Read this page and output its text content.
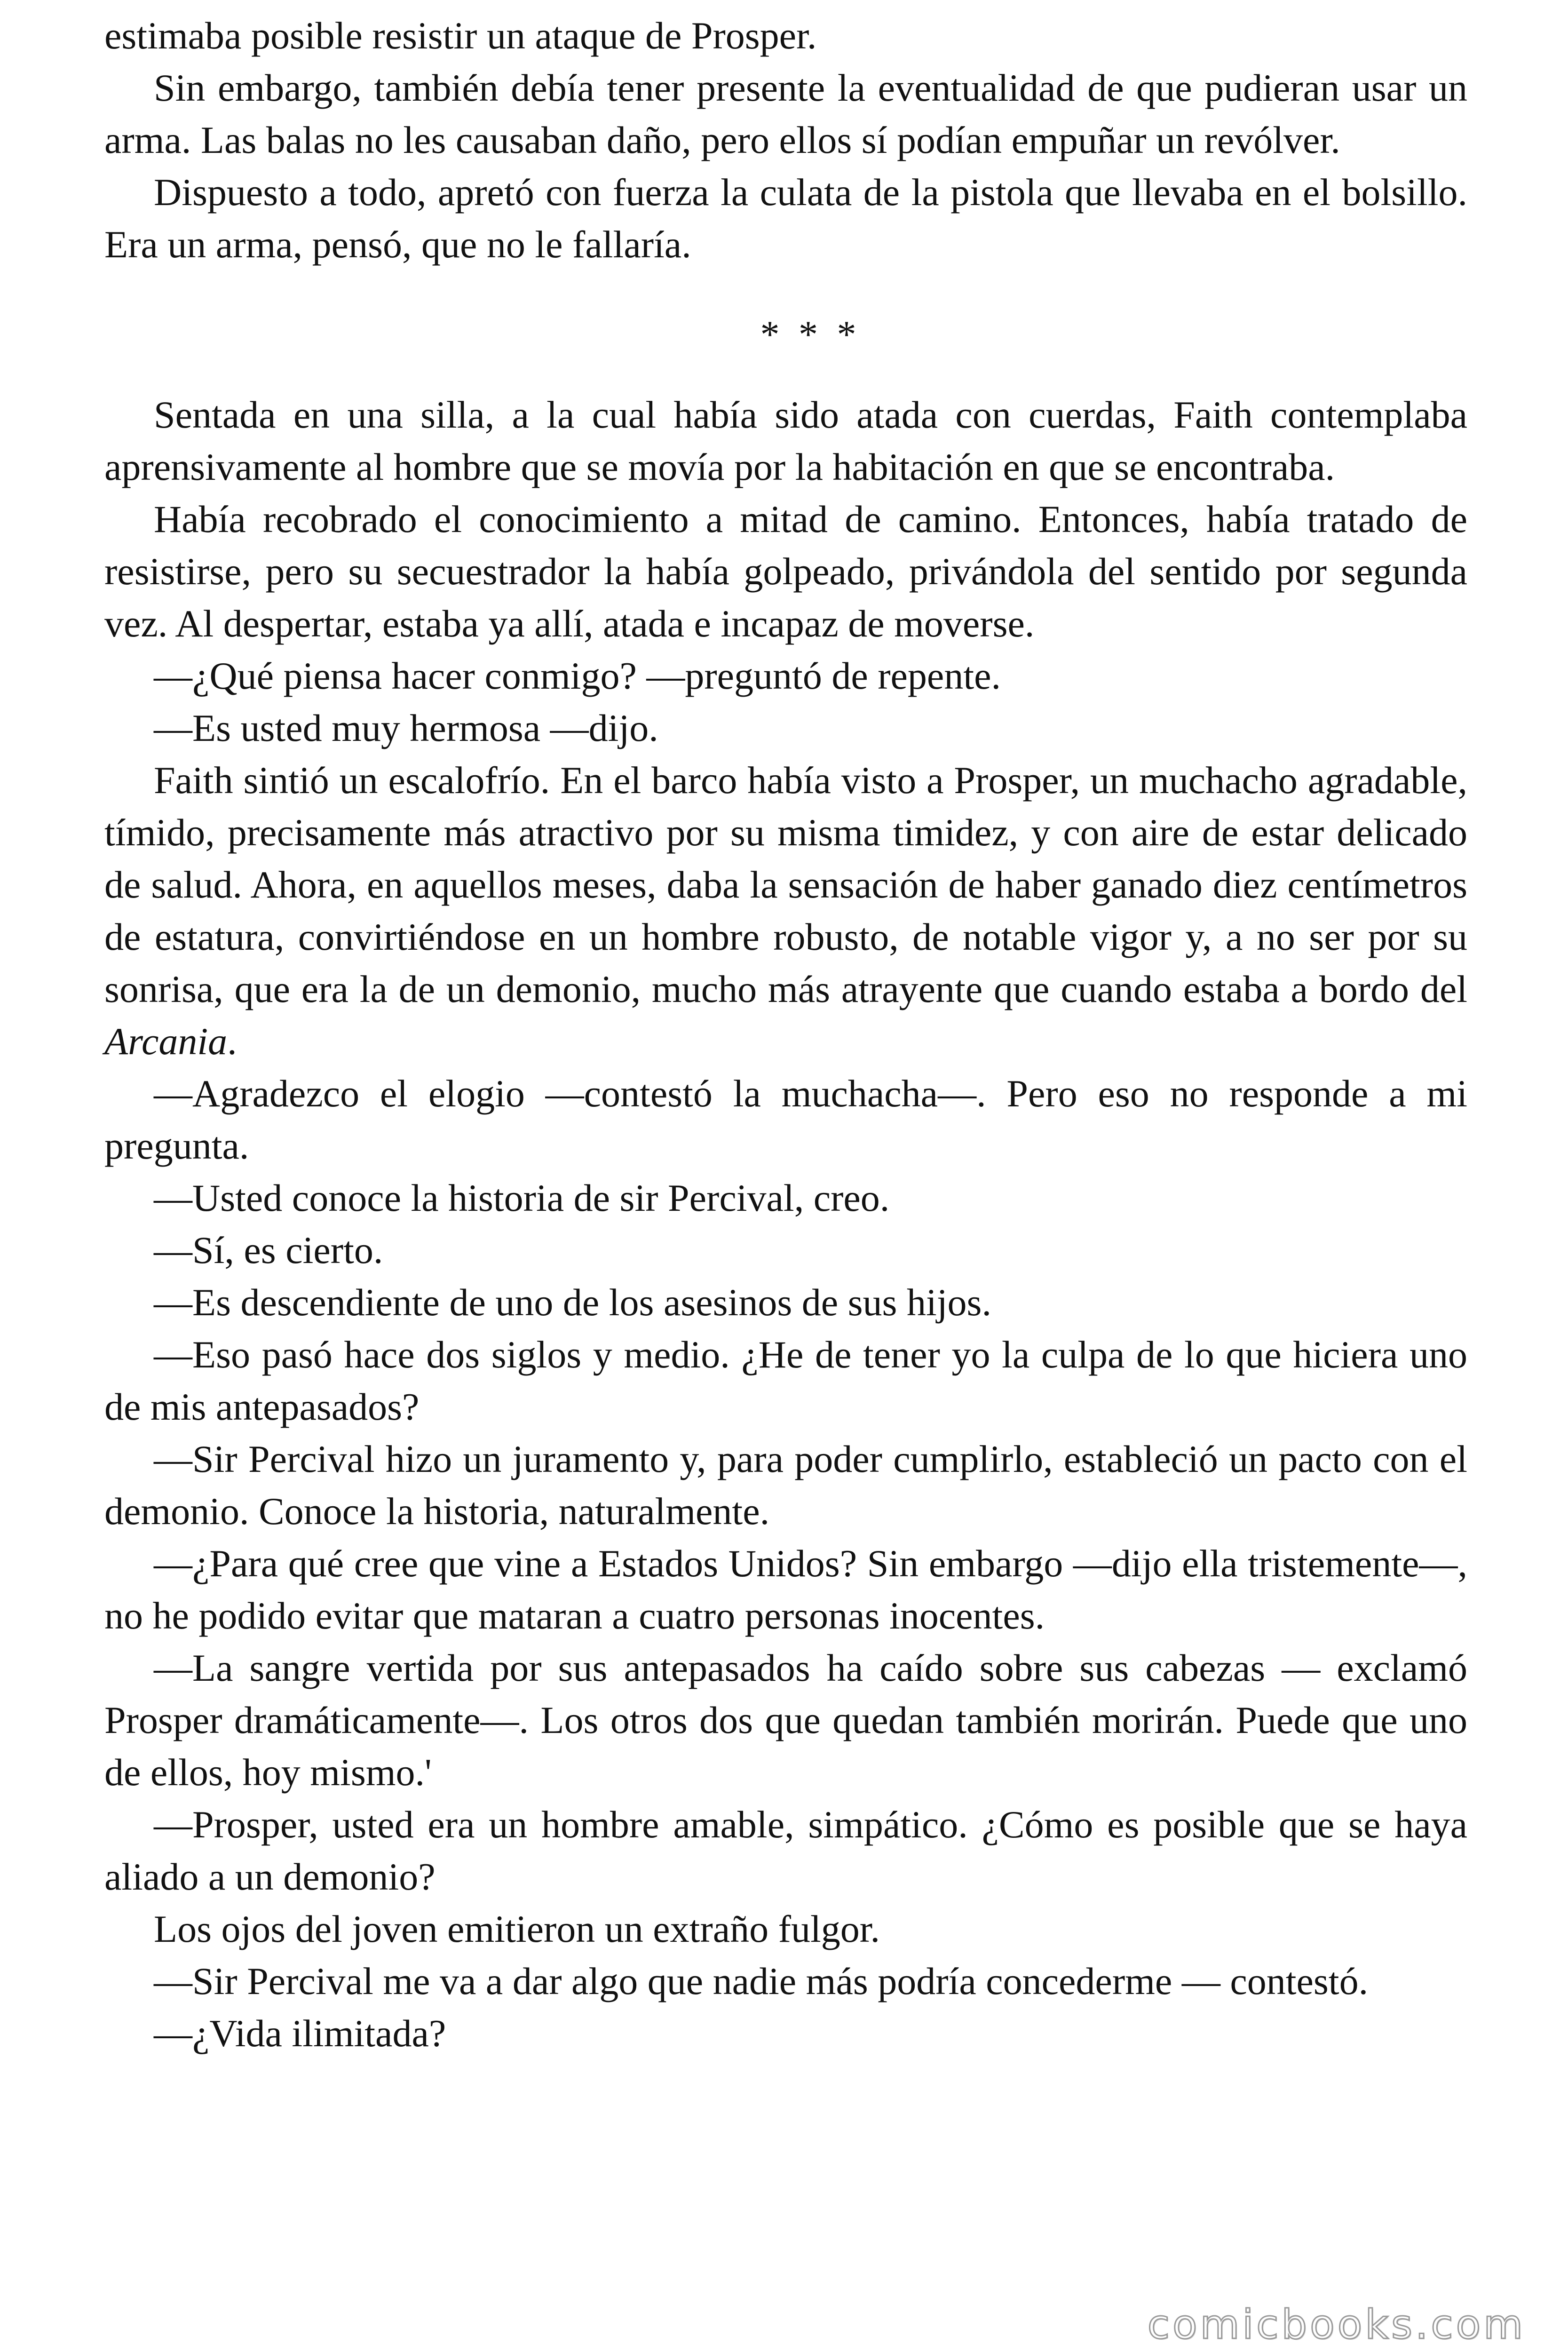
estimaba posible resistir un ataque de Prosper.

Sin embargo, también debía tener presente la eventualidad de que pudieran usar un arma. Las balas no les causaban daño, pero ellos sí podían empuñar un revólver.

Dispuesto a todo, apretó con fuerza la culata de la pistola que llevaba en el bolsillo. Era un arma, pensó, que no le fallaría.

* * *

Sentada en una silla, a la cual había sido atada con cuerdas, Faith contemplaba aprensivamente al hombre que se movía por la habitación en que se encontraba.

Había recobrado el conocimiento a mitad de camino. Entonces, había tratado de resistirse, pero su secuestrador la había golpeado, privándola del sentido por segunda vez. Al despertar, estaba ya allí, atada e incapaz de moverse.

—¿Qué piensa hacer conmigo? —preguntó de repente.

—Es usted muy hermosa —dijo.

Faith sintió un escalofrío. En el barco había visto a Prosper, un muchacho agradable, tímido, precisamente más atractivo por su misma timidez, y con aire de estar delicado de salud. Ahora, en aquellos meses, daba la sensación de haber ganado diez centímetros de estatura, convirtiéndose en un hombre robusto, de notable vigor y, a no ser por su sonrisa, que era la de un demonio, mucho más atrayente que cuando estaba a bordo del Arcania.

—Agradezco el elogio —contestó la muchacha—. Pero eso no responde a mi pregunta.

—Usted conoce la historia de sir Percival, creo.

—Sí, es cierto.

—Es descendiente de uno de los asesinos de sus hijos.

—Eso pasó hace dos siglos y medio. ¿He de tener yo la culpa de lo que hiciera uno de mis antepasados?

—Sir Percival hizo un juramento y, para poder cumplirlo, estableció un pacto con el demonio. Conoce la historia, naturalmente.

—¿Para qué cree que vine a Estados Unidos? Sin embargo —dijo ella tristemente—, no he podido evitar que mataran a cuatro personas inocentes.

—La sangre vertida por sus antepasados ha caído sobre sus cabezas — exclamó Prosper dramáticamente—. Los otros dos que quedan también morirán. Puede que uno de ellos, hoy mismo.'

—Prosper, usted era un hombre amable, simpático. ¿Cómo es posible que se haya aliado a un demonio?

Los ojos del joven emitieron un extraño fulgor.

—Sir Percival me va a dar algo que nadie más podría concederme — contestó.

—¿Vida ilimitada?

comicbooks.com
